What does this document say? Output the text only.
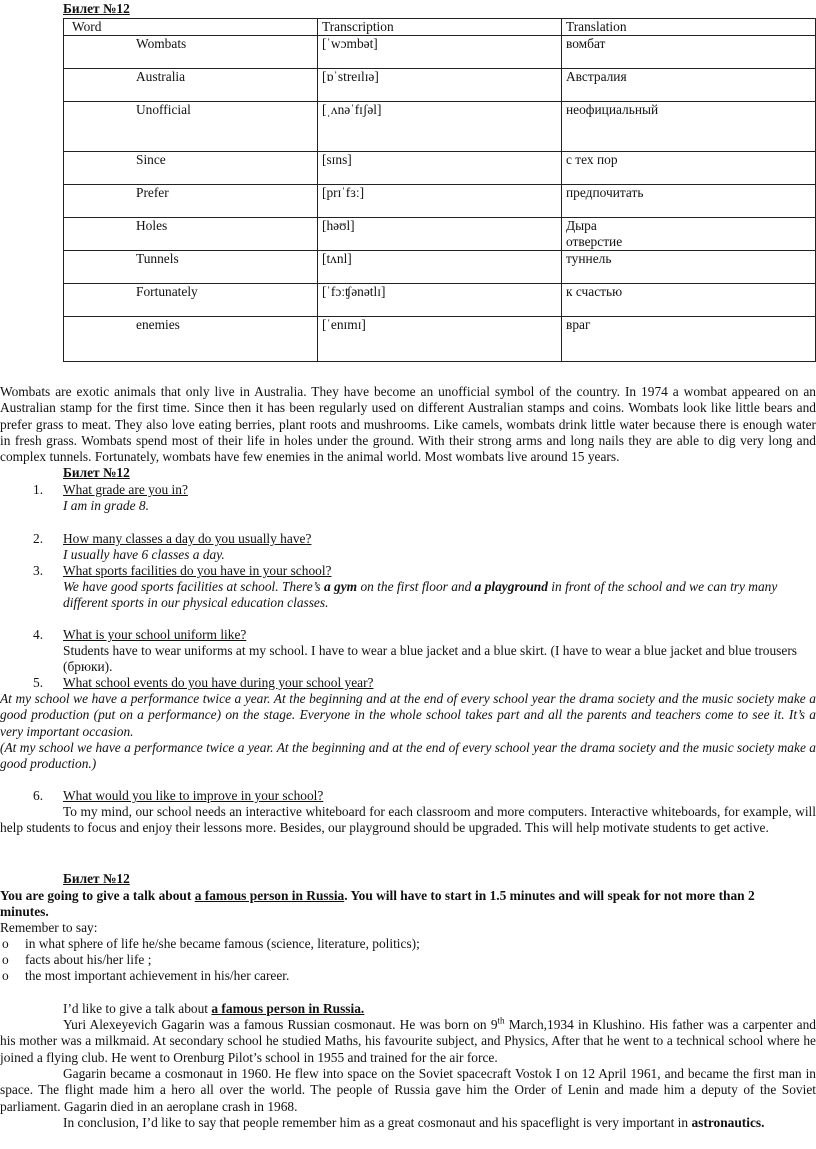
Билет №12
Word	Transcription	Translation
Wombats	[ˈwɔmbət]	вомбат
Australia	[ɒˈstreɪlɪə]	Австралия
Unofficial	[ˌʌnəˈfɪʃəl]	неофициальный
Since	[sɪns]	с тех пор
Prefer	[prɪˈfɜː]	предпочитать
Holes	[həʊl]	Дыра
отверстие

Tunnels	[tʌnl]	туннель
Fortunately	[ˈfɔːʧənətlɪ]	к счастью
enemies	[ˈenɪmɪ]	враг

Wombats are exotic animals that only live in Australia. They have become an unofficial symbol of the country. In 1974 a wombat appeared on an Australian stamp for the first time. Since then it has been regularly used on different Australian stamps and coins. Wombats look like little bears and prefer grass to meat. They also love eating berries, plant roots and mushrooms. Like camels, wombats drink little water because there is enough water in fresh grass. Wombats spend most of their life in holes under the ground. With their strong arms and long nails they are able to dig very long and complex tunnels. Fortunately, wombats have few enemies in the animal world. Most wombats live around 15 years.

Билет №12
1. What grade are you in?
I am in grade 8.
2. How many classes a day do you usually have?
I usually have 6 classes a day.
3. What sports facilities do you have in your school?
We have good sports facilities at school. There’s a gym on the first floor and a playground in front of the school and we can try many different sports in our physical education classes.
4. What is your school uniform like?
Students have to wear uniforms at my school. I have to wear a blue jacket and a blue skirt. (I have to wear a blue jacket and blue trousers (брюки).
5. What school events do you have during your school year?
At my school we have a performance twice a year. At the beginning and at the end of every school year the drama society and the music society make a good production (put on a performance) on the stage. Everyone in the whole school takes part and all the parents and teachers come to see it. It’s a very important occasion.
(At my school we have a performance twice a year. At the beginning and at the end of every school year the drama society and the music society make a good production.)
6. What would you like to improve in your school?
To my mind, our school needs an interactive whiteboard for each classroom and more computers. Interactive whiteboards, for example, will help students to focus and enjoy their lessons more. Besides, our playground should be upgraded. This will help motivate students to get active.
Билет №12
You are going to give a talk about a famous person in Russia. You will have to start in 1.5 minutes and will speak for not more than 2 minutes.
Remember to say:
o in what sphere of life he/she became famous (science, literature, politics);
o facts about his/her life ;
o the most important achievement in his/her career.
I’d like to give a talk about a famous person in Russia.
Yuri Alexeyevich Gagarin was a famous Russian cosmonaut. He was born on 9th March,1934 in Klushino. His father was a carpenter and his mother was a milkmaid. At secondary school he studied Maths, his favourite subject, and Physics, After that he went to a technical school where he joined a flying club. He went to Orenburg Pilot’s school in 1955 and trained for the air force.
Gagarin became a cosmonaut in 1960. He flew into space on the Soviet spacecraft Vostok I on 12 April 1961, and became the first man in space. The flight made him a hero all over the world. The people of Russia gave him the Order of Lenin and made him a deputy of the Soviet parliament. Gagarin died in an aeroplane crash in 1968.
In conclusion, I’d like to say that people remember him as a great cosmonaut and his spaceflight is very important in astronautics.
